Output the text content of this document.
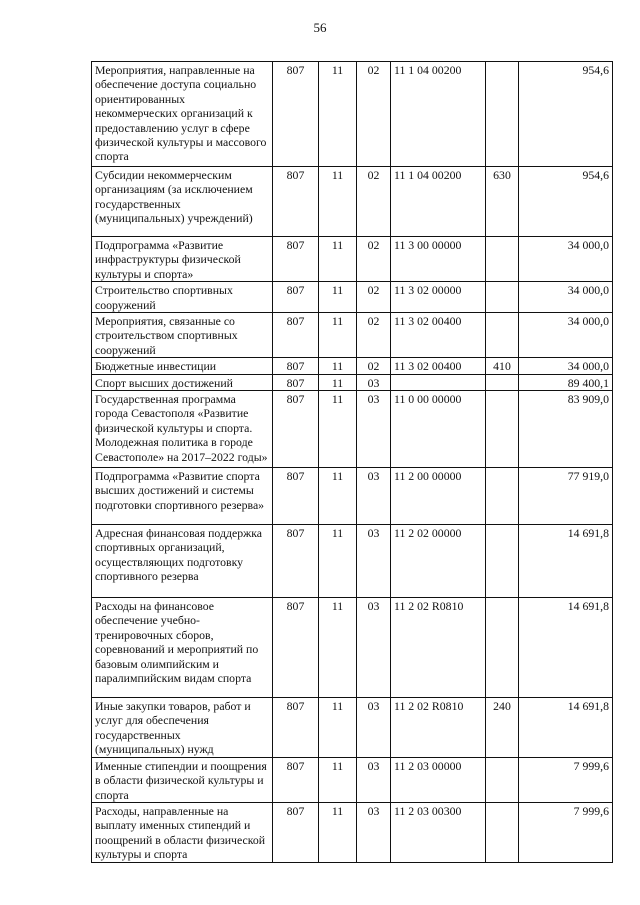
56
Мероприятия, направленные на обеспечение доступа социально ориентированных некоммерческих организаций к предоставлению услуг в сфере физической культуры и массового спорта	807	11	02	11 1 04 00200		954,6
Субсидии некоммерческим организациям (за исключением государственных (муниципальных) учреждений)	807	11	02	11 1 04 00200	630	954,6
Подпрограмма «Развитие инфраструктуры физической культуры и спорта»	807	11	02	11 3 00 00000		34 000,0
Строительство спортивных сооружений	807	11	02	11 3 02 00000		34 000,0
Мероприятия, связанные со строительством спортивных сооружений	807	11	02	11 3 02 00400		34 000,0
Бюджетные инвестиции	807	11	02	11 3 02 00400	410	34 000,0
Спорт высших достижений	807	11	03			89 400,1
Государственная программа города Севастополя «Развитие физической культуры и спорта. Молодежная политика в городе Севастополе» на 2017–2022 годы»	807	11	03	11 0 00 00000		83 909,0
Подпрограмма «Развитие спорта высших достижений и системы подготовки спортивного резерва»	807	11	03	11 2 00 00000		77 919,0
Адресная финансовая поддержка спортивных организаций, осуществляющих подготовку спортивного резерва	807	11	03	11 2 02 00000		14 691,8
Расходы на финансовое обеспечение учебно-тренировочных сборов, соревнований и мероприятий по базовым олимпийским и паралимпийским видам спорта	807	11	03	11 2 02 R0810		14 691,8
Иные закупки товаров, работ и услуг для обеспечения государственных (муниципальных) нужд	807	11	03	11 2 02 R0810	240	14 691,8
Именные стипендии и поощрения в области физической культуры и спорта	807	11	03	11 2 03 00000		7 999,6
Расходы, направленные на выплату именных стипендий и поощрений в области физической культуры и спорта	807	11	03	11 2 03 00300		7 999,6
